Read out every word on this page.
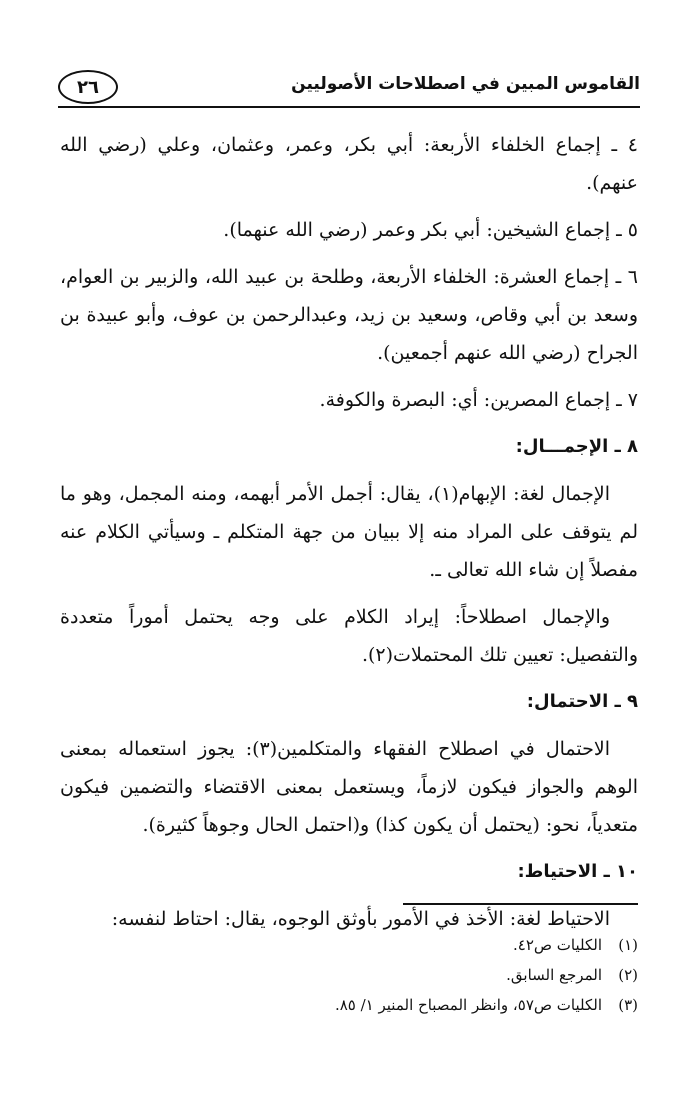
٢٦	القاموس المبين في اصطلاحات الأصوليين

٤ ـ إجماع الخلفاء الأربعة: أبي بكر، وعمر، وعثمان، وعلي (رضي الله عنهم).

٥ ـ إجماع الشيخين: أبي بكر وعمر (رضي الله عنهما).

٦ ـ إجماع العشرة: الخلفاء الأربعة، وطلحة بن عبيد الله، والزبير بن العوام، وسعد بن أبي وقاص، وسعيد بن زيد، وعبدالرحمن بن عوف، وأبو عبيدة بن الجراح (رضي الله عنهم أجمعين).

٧ ـ إجماع المصرين: أي: البصرة والكوفة.

٨ ـ الإجمـــال:

الإجمال لغة: الإبهام(١)، يقال: أجمل الأمر أبهمه، ومنه المجمل، وهو ما لم يتوقف على المراد منه إلا ببيان من جهة المتكلم ـ وسيأتي الكلام عنه مفصلاً إن شاء الله تعالى ـ.

والإجمال اصطلاحاً: إيراد الكلام على وجه يحتمل أموراً متعددة والتفصيل: تعيين تلك المحتملات(٢).

٩ ـ الاحتمال:

الاحتمال في اصطلاح الفقهاء والمتكلمين(٣): يجوز استعماله بمعنى الوهم والجواز فيكون لازماً، ويستعمل بمعنى الاقتضاء والتضمين فيكون متعدياً، نحو: (يحتمل أن يكون كذا) و(احتمل الحال وجوهاً كثيرة).

١٠ ـ الاحتياط:

الاحتياط لغة: الأخذ في الأمور بأوثق الوجوه، يقال: احتاط لنفسه:

(١)الكليات ص٤٢.

(٢)المرجع السابق.

(٣)الكليات ص٥٧، وانظر المصباح المنير ١/ ٨٥.
